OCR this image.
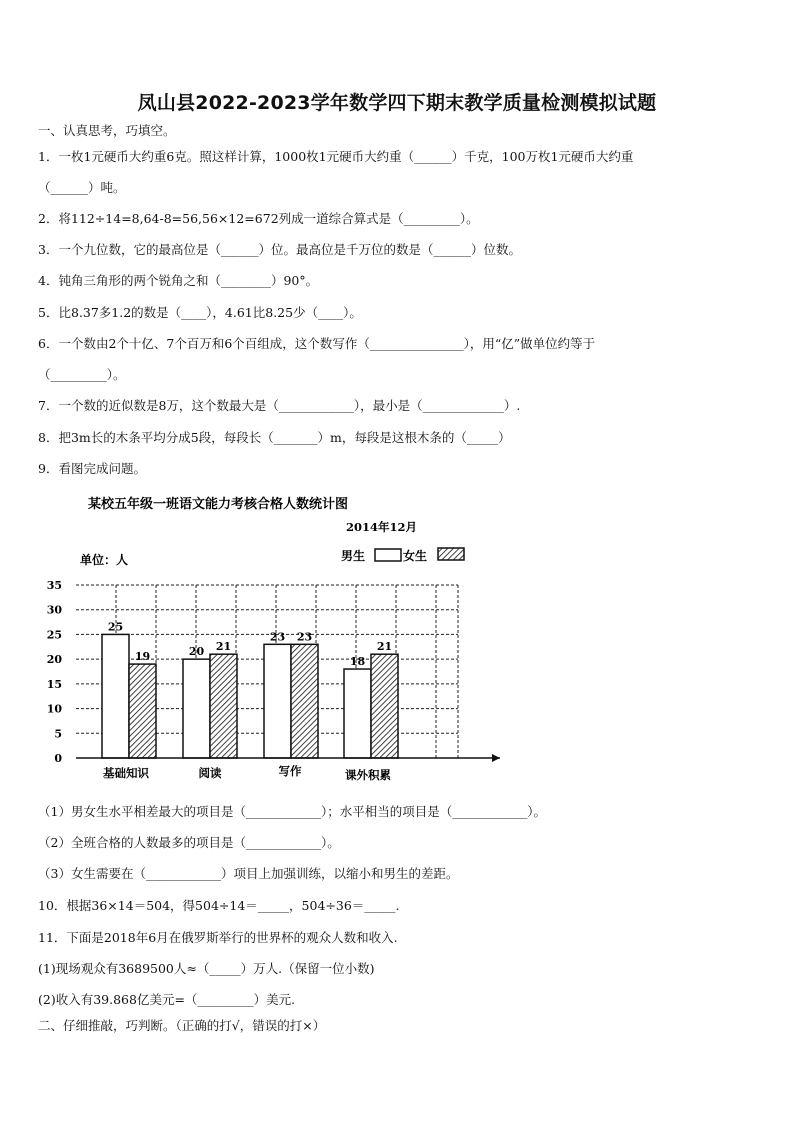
凤山县2022-2023学年数学四下期末教学质量检测模拟试题
一、认真思考，巧填空。
1．一枚1元硬币大约重6克。照这样计算，1000枚1元硬币大约重（______）千克，100万枚1元硬币大约重
（______）吨。
2．将112÷14=8,64-8=56,56×12=672列成一道综合算式是（_________）。
3．一个九位数，它的最高位是（______）位。最高位是千万位的数是（______）位数。
4．钝角三角形的两个锐角之和（________）90°。
5．比8.37多1.2的数是（____），4.61比8.25少（____）。
6．一个数由2个十亿、7个百万和6个百组成，这个数写作（_______________），用“亿”做单位约等于
（_________）。
7．一个数的近似数是8万，这个数最大是（____________），最小是（_____________）.
8．把3m长的木条平均分成5段，每段长（_______）m，每段是这根木条的（_____）
9．看图完成问题。
某校五年级一班语文能力考核合格人数统计图
2014年12月
单位：人	男生	女生
0
5
10
15
20
25
30
35
25
19	20 21
23 23
18
21
基础知识	阅读	写作	课外积累
（1）男女生水平相差最大的项目是（____________）；水平相当的项目是（____________）。
（2）全班合格的人数最多的项目是（____________）。
（3）女生需要在（____________）项目上加强训练，以缩小和男生的差距。
10．根据36×14＝504，得504÷14＝_____，504÷36＝_____.
11．下面是2018年6月在俄罗斯举行的世界杯的观众人数和收入.
(1)现场观众有3689500人≈（_____）万人.（保留一位小数)
(2)收入有39.868亿美元=（_________）美元.
二、仔细推敲，巧判断。（正确的打√，错误的打×）
